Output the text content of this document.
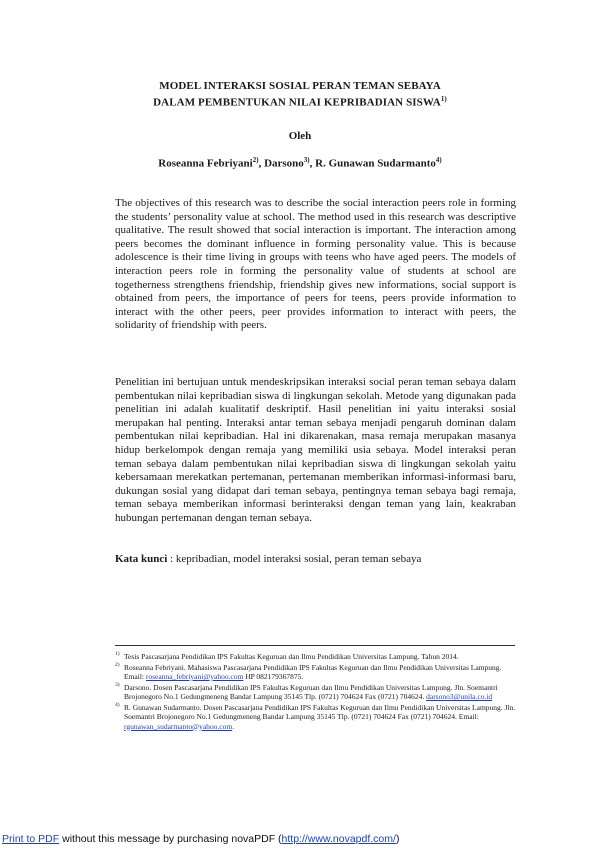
MODEL INTERAKSI SOSIAL PERAN TEMAN SEBAYA
DALAM PEMBENTUKAN NILAI KEPRIBADIAN SISWA$^{1)}$
Oleh
Roseanna Febriyani$^{2)}$, Darsono$^{3)}$, R. Gunawan Sudarmanto$^{4)}$

The objectives of this research was to describe the social interaction peers role in forming the students’ personality value at school. The method used in this research was descriptive qualitative. The result showed that social interaction is important. The interaction among peers becomes the dominant influence in forming personality value. This is because adolescence is their time living in groups with teens who have aged peers. The models of interaction peers role in forming the personality value of students at school are togetherness strengthens friendship, friendship gives new informations, social support is obtained from peers, the importance of peers for teens, peers provide information to interact with the other peers, peer provides information to interact with peers, the solidarity of friendship with peers.

Penelitian ini bertujuan untuk mendeskripsikan interaksi social peran teman sebaya dalam pembentukan nilai kepribadian siswa di lingkungan sekolah. Metode yang digunakan pada penelitian ini adalah kualitatif deskriptif. Hasil penelitian ini yaitu interaksi sosial merupakan hal penting. Interaksi antar teman sebaya menjadi pengaruh dominan dalam pembentukan nilai kepribadian. Hal ini dikarenakan, masa remaja merupakan masanya hidup berkelompok dengan remaja yang memiliki usia sebaya. Model interaksi peran teman sebaya dalam pembentukan nilai kepribadian siswa di lingkungan sekolah yaitu kebersamaan merekatkan pertemanan, pertemanan memberikan informasi-informasi baru, dukungan sosial yang didapat dari teman sebaya, pentingnya teman sebaya bagi remaja, teman sebaya memberikan informasi berinteraksi dengan teman yang lain, keakraban hubungan pertemanan dengan teman sebaya.

Kata kunci : kepribadian, model interaksi sosial, peran teman sebaya
1) Tesis Pascasarjana Pendidikan IPS Fakultas Keguruan dan Ilmu Pendidikan Universitas Lampung. Tahun 2014.
2) Roseanna Febriyani. Mahasiswa Pascasarjana Pendidikan IPS Fakultas Keguruan dan Ilmu Pendidikan Universitas Lampung. Email: roseanna_febriyani@yahoo.com HP 082179367875.
3) Darsono. Dosen Pascasarjana Pendidikan IPS Fakultas Keguruan dan Ilmu Pendidikan Universitas Lampung. Jln. Soemantri Brojonegoro No.1 Gedungmeneng Bandar Lampung 35145 Tlp. (0721) 704624 Fax (0721) 704624. darsono3@unila.co.id
4) R. Gunawan Sudarmanto. Dosen Pascasarjana Pendidikan IPS Fakultas Keguruan dan Ilmu Pendidikan Universitas Lampung. Jln. Soemantri Brojonegoro No.1 Gedungmeneng Bandar Lampung 35145 Tlp. (0721) 704624 Fax (0721) 704624. Email: rgunawan_sudarmanto@yahoo.com.
Print to PDF without this message by purchasing novaPDF (http://www.novapdf.com/)
